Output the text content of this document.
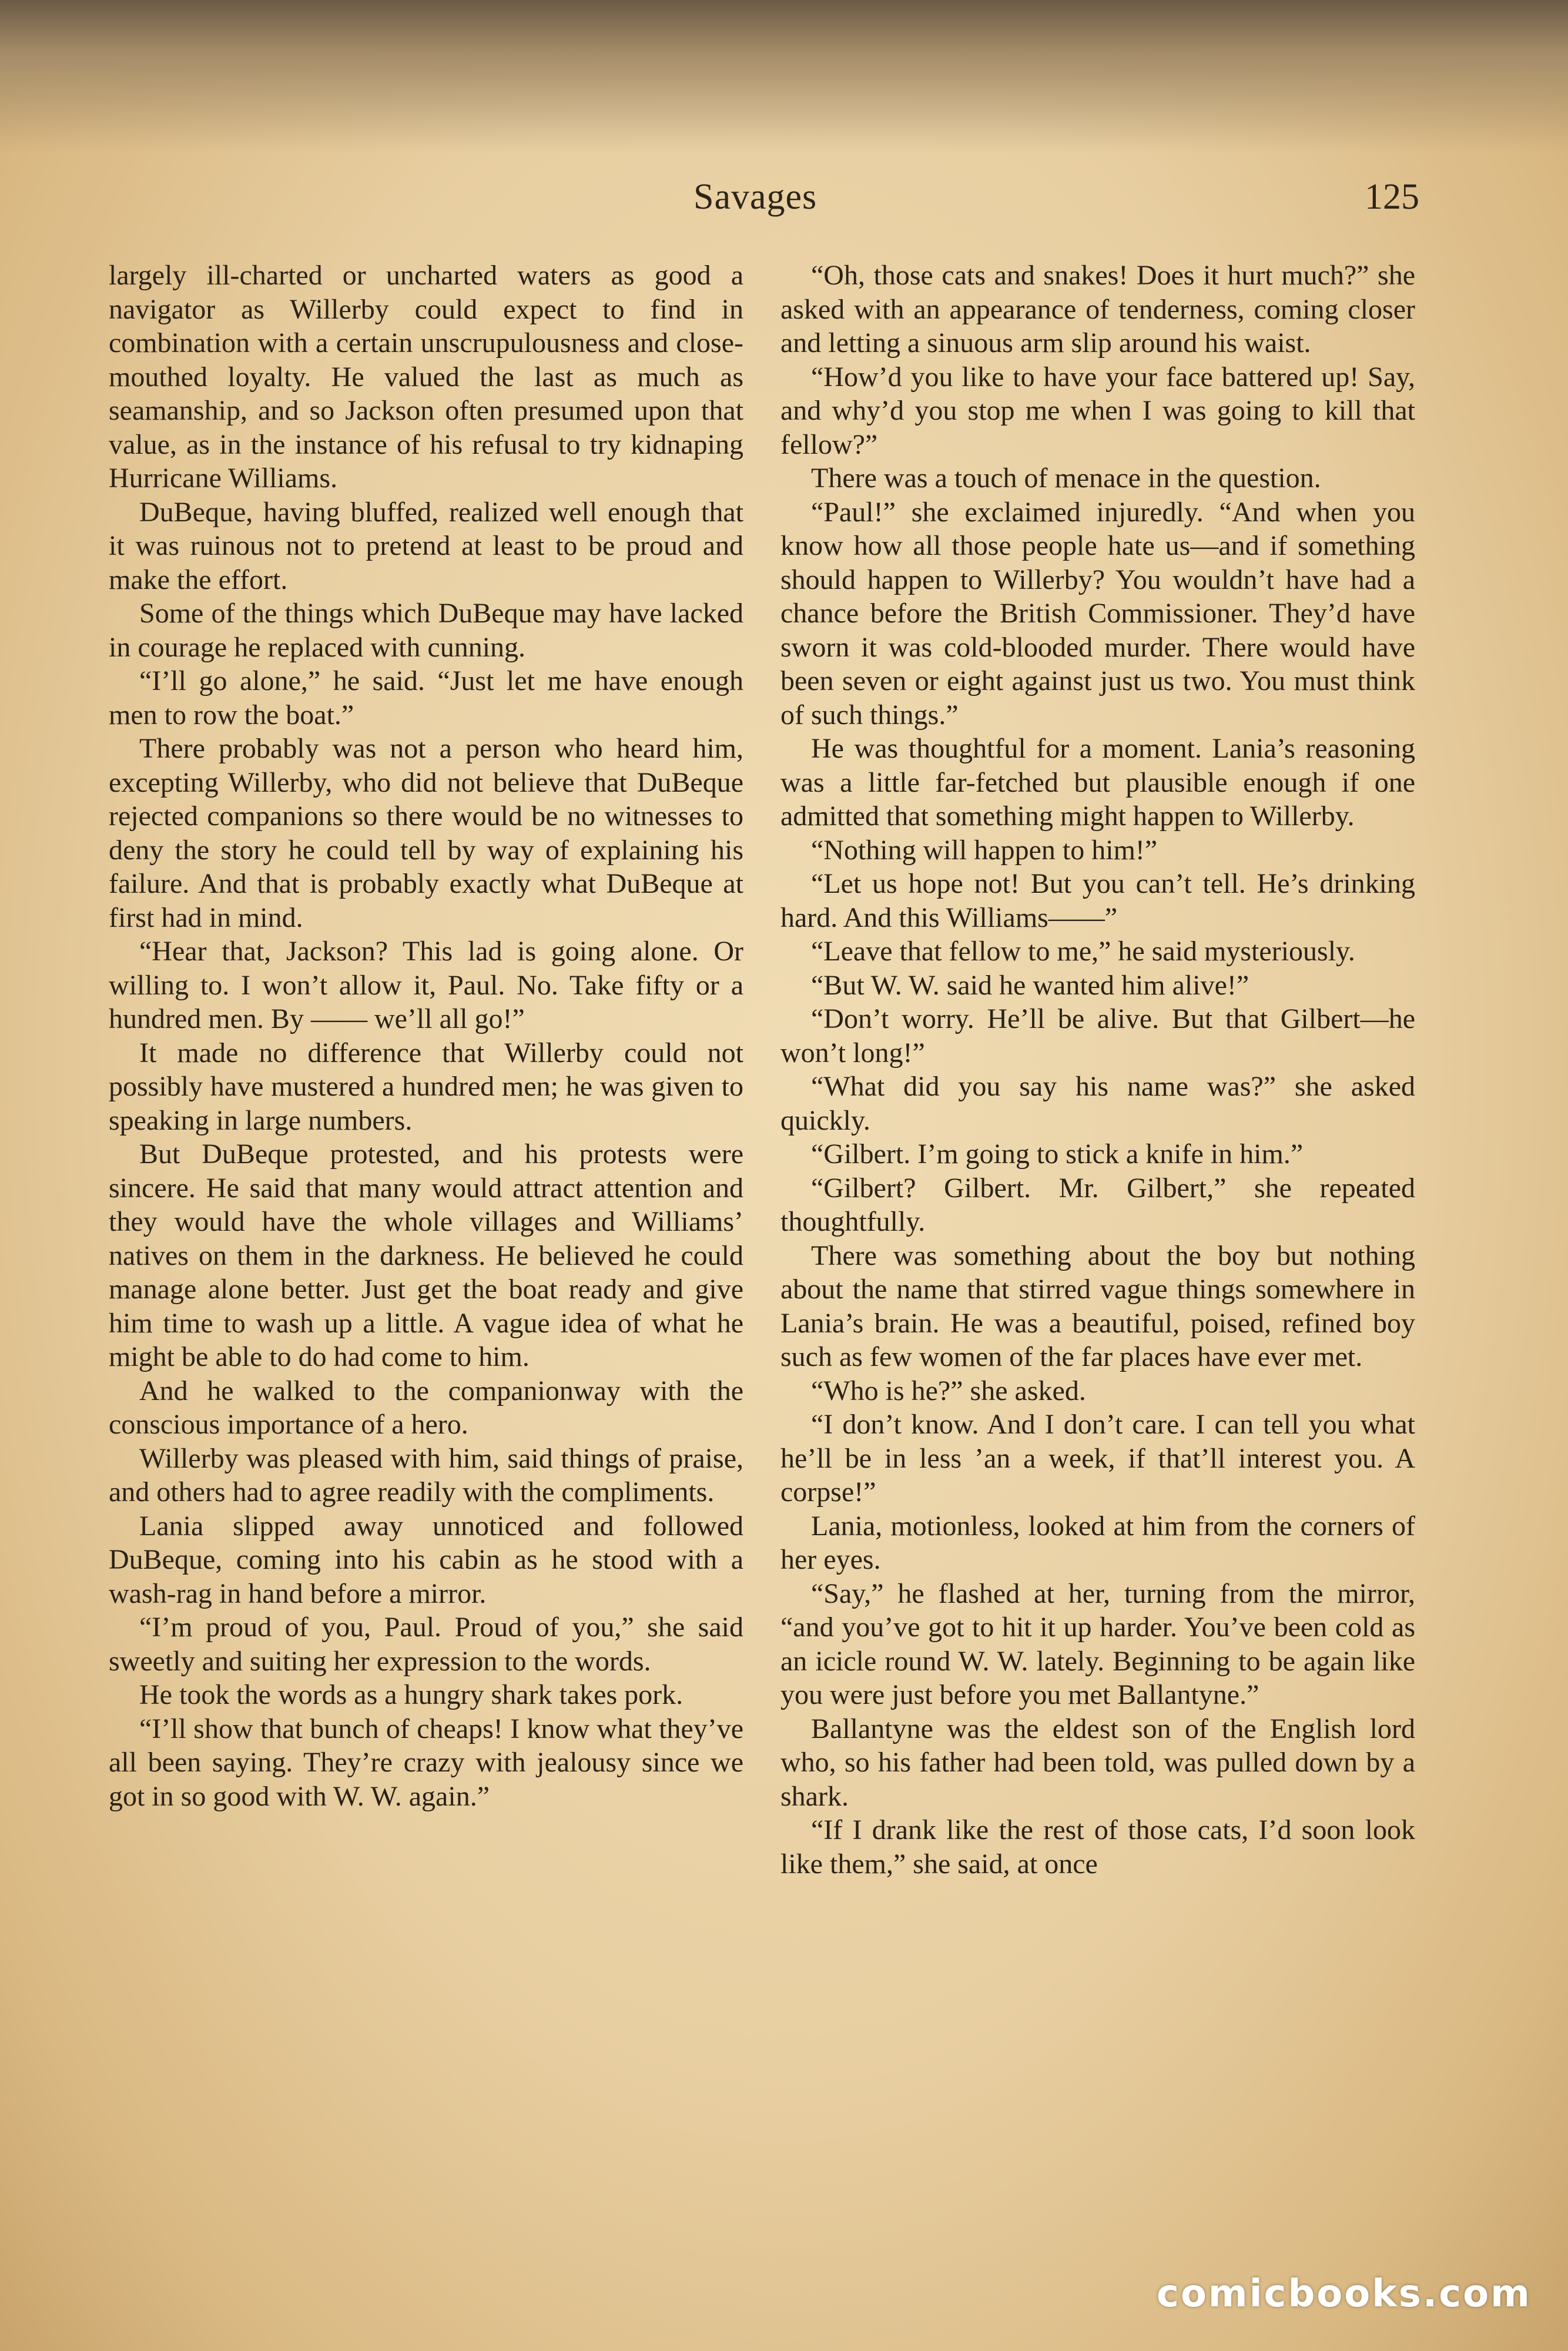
Savages	125

largely ill-charted or uncharted waters as good a navigator as Willerby could expect to find in combination with a certain unscrupulousness and close-mouthed loyalty. He valued the last as much as seamanship, and so Jackson often presumed upon that value, as in the instance of his refusal to try kidnaping Hurricane Williams.

DuBeque, having bluffed, realized well enough that it was ruinous not to pretend at least to be proud and make the effort.

Some of the things which DuBeque may have lacked in courage he replaced with cunning.

“I’ll go alone,” he said. “Just let me have enough men to row the boat.”

There probably was not a person who heard him, excepting Willerby, who did not believe that DuBeque rejected companions so there would be no witnesses to deny the story he could tell by way of explaining his failure. And that is probably exactly what DuBeque at first had in mind.

“Hear that, Jackson? This lad is going alone. Or willing to. I won’t allow it, Paul. No. Take fifty or a hundred men. By —— we’ll all go!”

It made no difference that Willerby could not possibly have mustered a hundred men; he was given to speaking in large numbers.

But DuBeque protested, and his protests were sincere. He said that many would attract attention and they would have the whole villages and Williams’ natives on them in the darkness. He believed he could manage alone better. Just get the boat ready and give him time to wash up a little. A vague idea of what he might be able to do had come to him.

And he walked to the companionway with the conscious importance of a hero.

Willerby was pleased with him, said things of praise, and others had to agree readily with the compliments.

Lania slipped away unnoticed and followed DuBeque, coming into his cabin as he stood with a wash-rag in hand before a mirror.

“I’m proud of you, Paul. Proud of you,” she said sweetly and suiting her expression to the words.

He took the words as a hungry shark takes pork.

“I’ll show that bunch of cheaps! I know what they’ve all been saying. They’re crazy with jealousy since we got in so good with W. W. again.”

“Oh, those cats and snakes! Does it hurt much?” she asked with an appearance of tenderness, coming closer and letting a sinuous arm slip around his waist.

“How’d you like to have your face battered up! Say, and why’d you stop me when I was going to kill that fellow?”

There was a touch of menace in the question.

“Paul!” she exclaimed injuredly. “And when you know how all those people hate us—and if something should happen to Willerby? You wouldn’t have had a chance before the British Commissioner. They’d have sworn it was cold-blooded murder. There would have been seven or eight against just us two. You must think of such things.”

He was thoughtful for a moment. Lania’s reasoning was a little far-fetched but plausible enough if one admitted that something might happen to Willerby.

“Nothing will happen to him!”

“Let us hope not! But you can’t tell. He’s drinking hard. And this Williams——”

“Leave that fellow to me,” he said mysteriously.

“But W. W. said he wanted him alive!”

“Don’t worry. He’ll be alive. But that Gilbert—he won’t long!”

“What did you say his name was?” she asked quickly.

“Gilbert. I’m going to stick a knife in him.”

“Gilbert? Gilbert. Mr. Gilbert,” she repeated thoughtfully.

There was something about the boy but nothing about the name that stirred vague things somewhere in Lania’s brain. He was a beautiful, poised, refined boy such as few women of the far places have ever met.

“Who is he?” she asked.

“I don’t know. And I don’t care. I can tell you what he’ll be in less ’an a week, if that’ll interest you. A corpse!”

Lania, motionless, looked at him from the corners of her eyes.

“Say,” he flashed at her, turning from the mirror, “and you’ve got to hit it up harder. You’ve been cold as an icicle round W. W. lately. Beginning to be again like you were just before you met Ballantyne.”

Ballantyne was the eldest son of the English lord who, so his father had been told, was pulled down by a shark.

“If I drank like the rest of those cats, I’d soon look like them,” she said, at once

comicbooks.com
